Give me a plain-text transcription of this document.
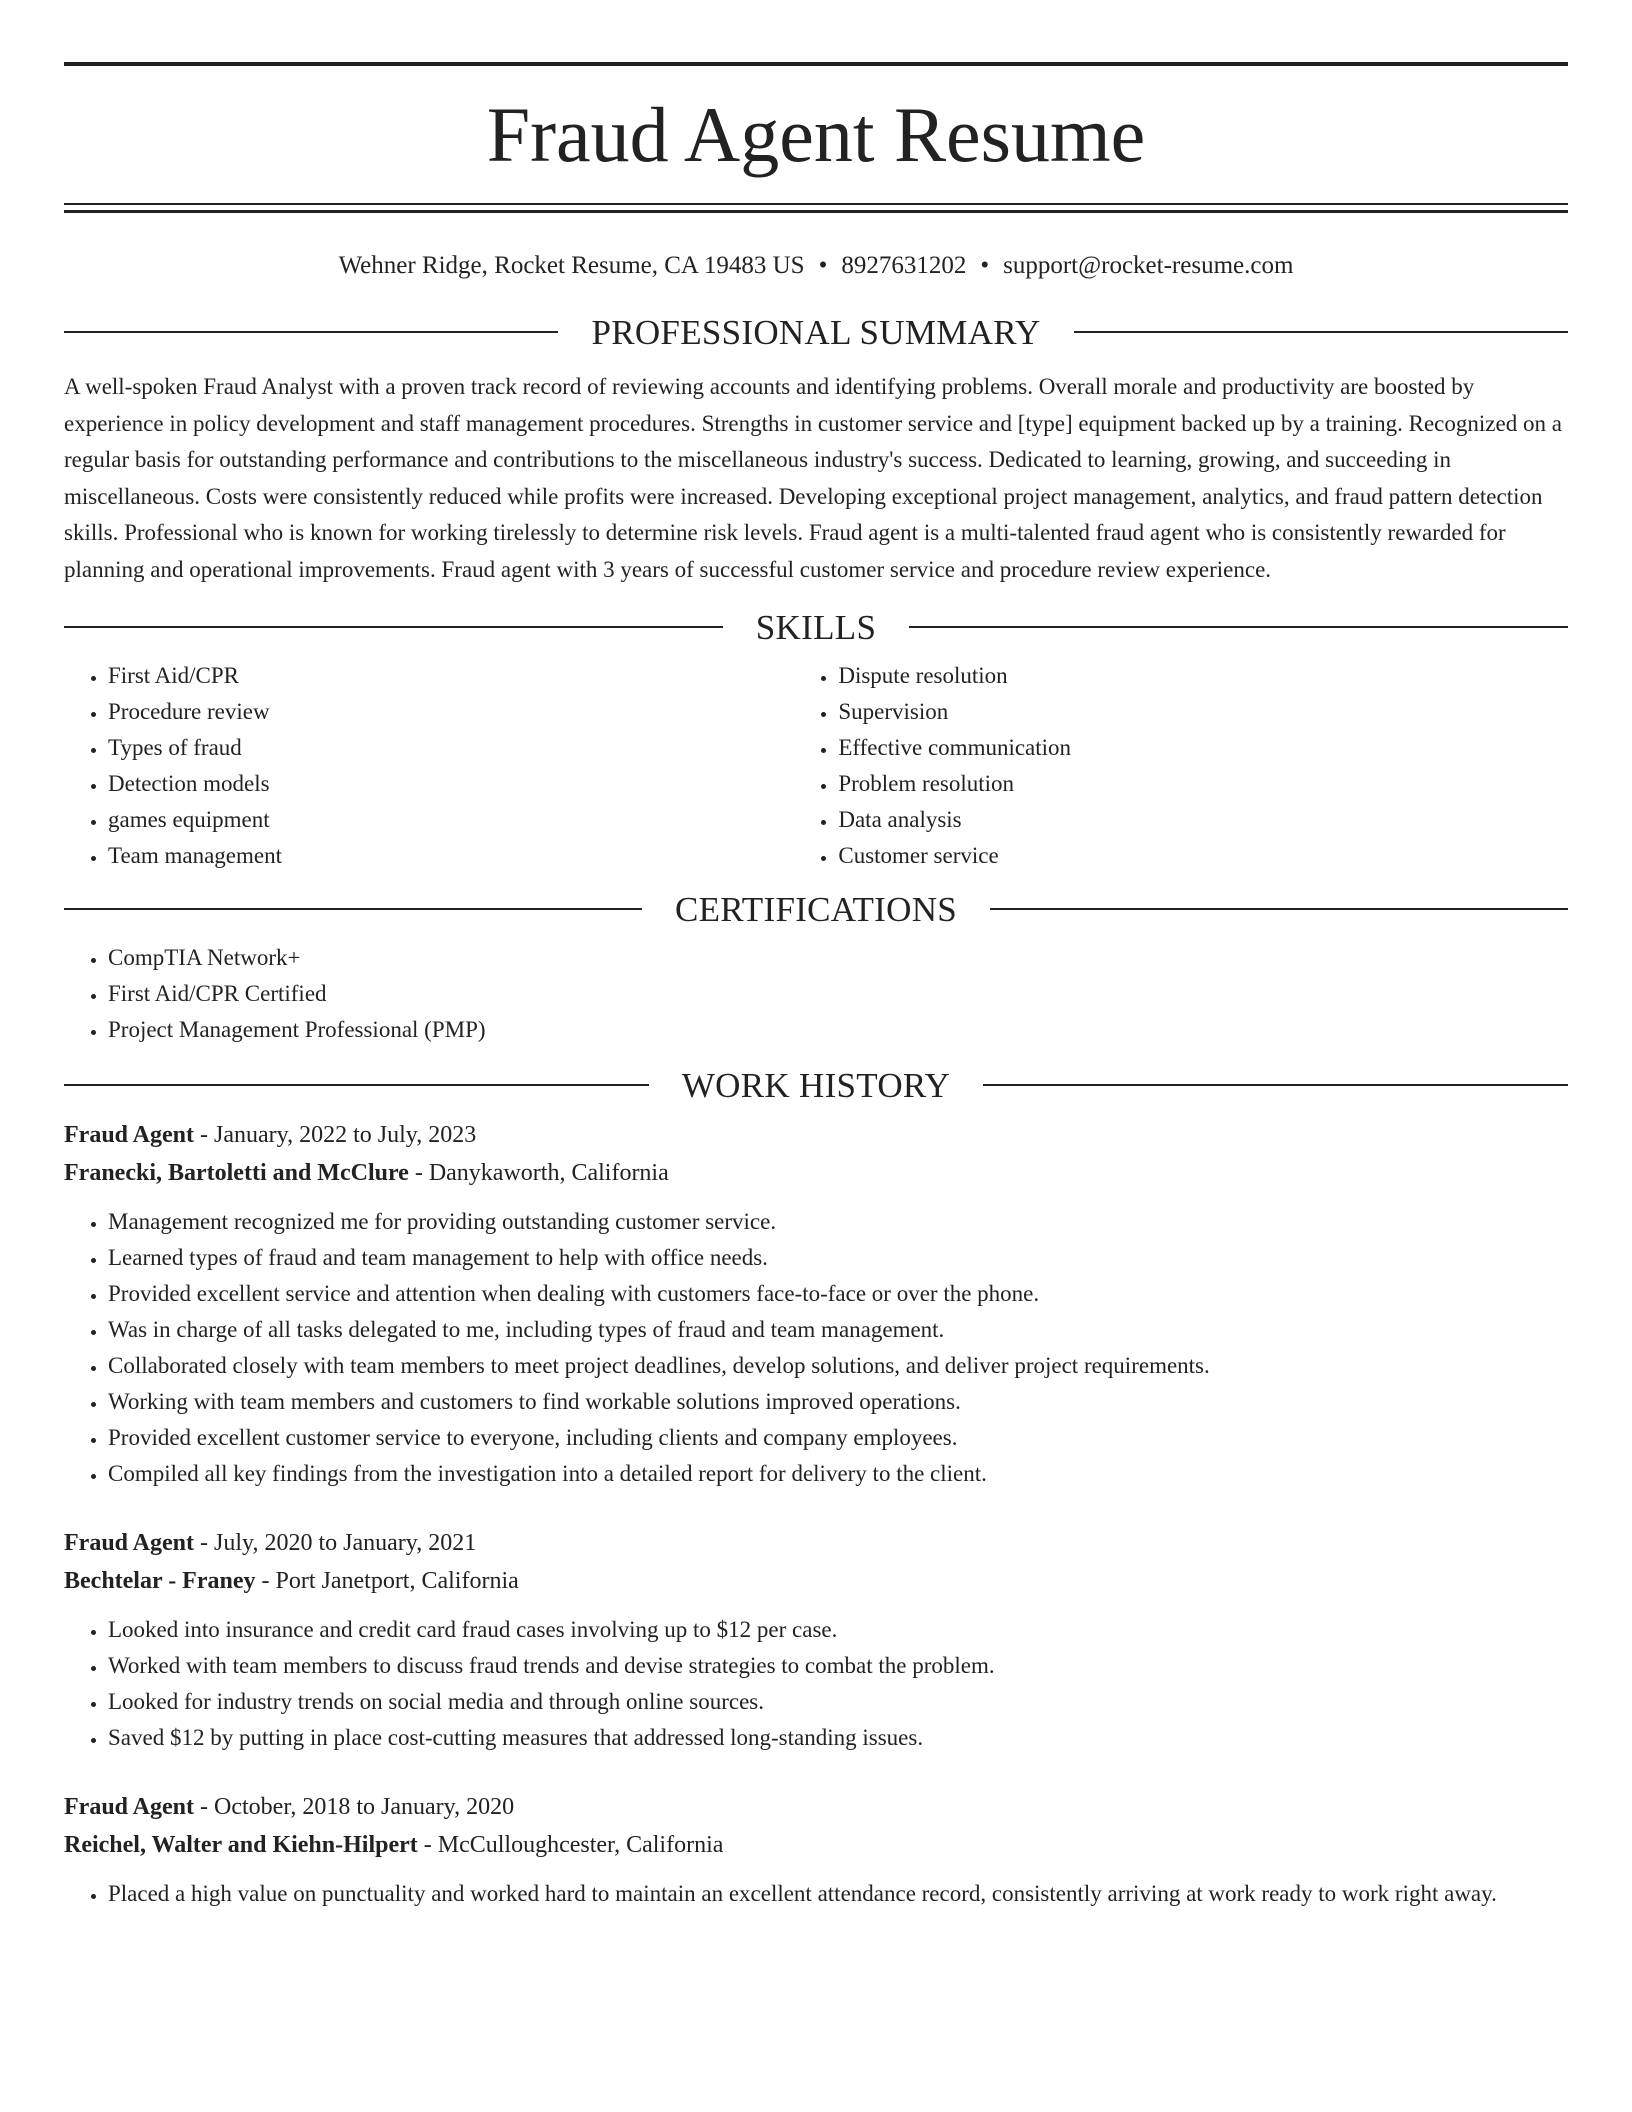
Fraud Agent Resume
Wehner Ridge, Rocket Resume, CA 19483 US • 8927631202 • support@rocket-resume.com
PROFESSIONAL SUMMARY

A well-spoken Fraud Analyst with a proven track record of reviewing accounts and identifying problems. Overall morale and productivity are boosted by experience in policy development and staff management procedures. Strengths in customer service and [type] equipment backed up by a training. Recognized on a regular basis for outstanding performance and contributions to the miscellaneous industry's success. Dedicated to learning, growing, and succeeding in miscellaneous. Costs were consistently reduced while profits were increased. Developing exceptional project management, analytics, and fraud pattern detection skills. Professional who is known for working tirelessly to determine risk levels. Fraud agent is a multi-talented fraud agent who is consistently rewarded for planning and operational improvements. Fraud agent with 3 years of successful customer service and procedure review experience.

SKILLS
• First Aid/CPR
• Procedure review
• Types of fraud
• Detection models
• games equipment
• Team management
• Dispute resolution
• Supervision
• Effective communication
• Problem resolution
• Data analysis
• Customer service
CERTIFICATIONS
• CompTIA Network+
• First Aid/CPR Certified
• Project Management Professional (PMP)
WORK HISTORY
Fraud Agent - January, 2022 to July, 2023
Franecki, Bartoletti and McClure - Danykaworth, California
• Management recognized me for providing outstanding customer service.
• Learned types of fraud and team management to help with office needs.
• Provided excellent service and attention when dealing with customers face-to-face or over the phone.
• Was in charge of all tasks delegated to me, including types of fraud and team management.
• Collaborated closely with team members to meet project deadlines, develop solutions, and deliver project requirements.
• Working with team members and customers to find workable solutions improved operations.
• Provided excellent customer service to everyone, including clients and company employees.
• Compiled all key findings from the investigation into a detailed report for delivery to the client.
Fraud Agent - July, 2020 to January, 2021
Bechtelar - Franey - Port Janetport, California
• Looked into insurance and credit card fraud cases involving up to $12 per case.
• Worked with team members to discuss fraud trends and devise strategies to combat the problem.
• Looked for industry trends on social media and through online sources.
• Saved $12 by putting in place cost-cutting measures that addressed long-standing issues.
Fraud Agent - October, 2018 to January, 2020
Reichel, Walter and Kiehn-Hilpert - McCulloughcester, California
• Placed a high value on punctuality and worked hard to maintain an excellent attendance record, consistently arriving at work ready to work right away.
